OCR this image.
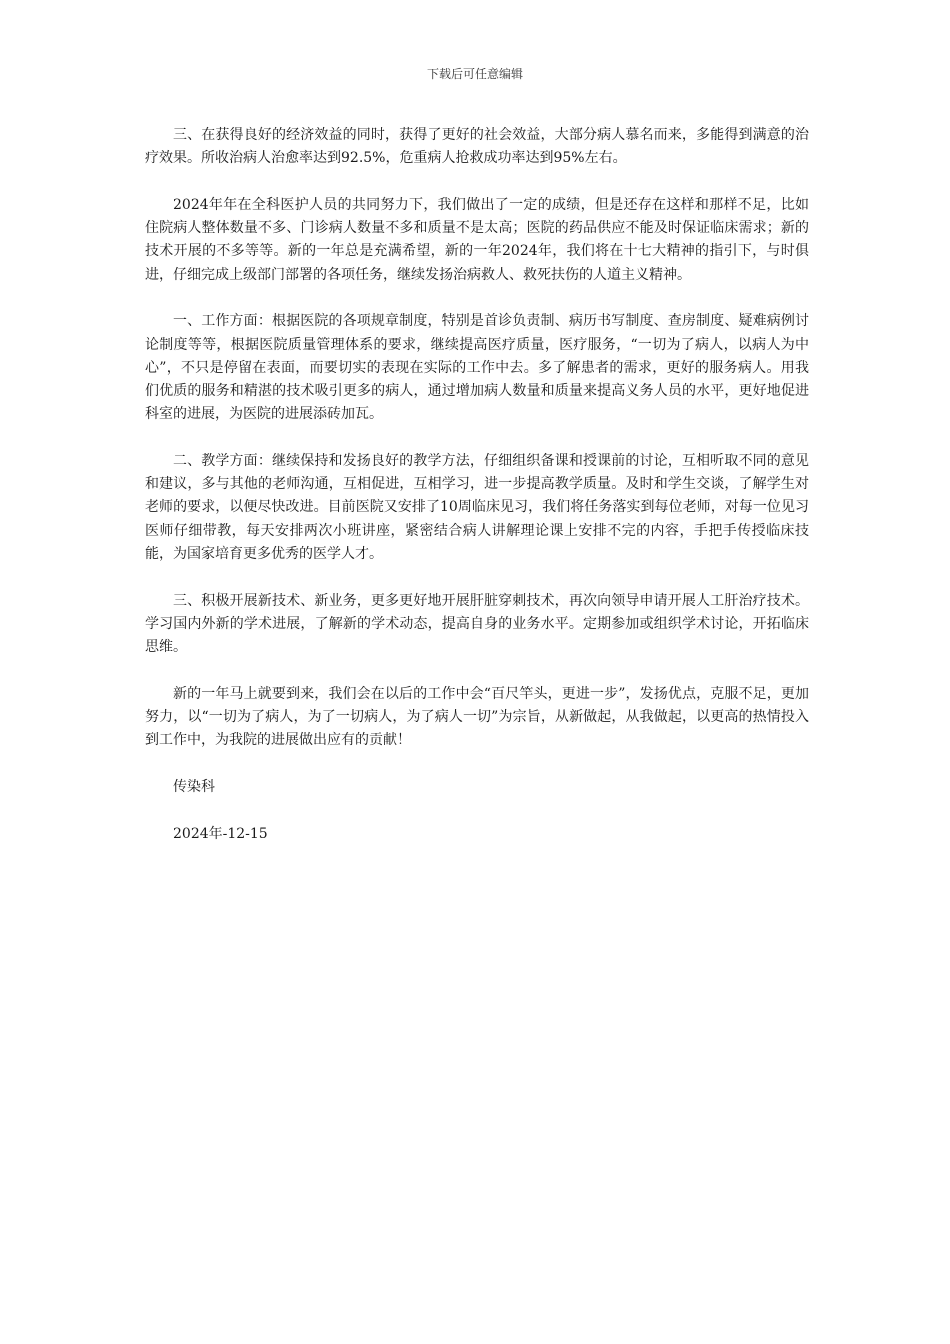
下载后可任意编辑

三、在获得良好的经济效益的同时，获得了更好的社会效益，大部分病人慕名而来，多能得到满意的治疗效果。所收治病人治愈率达到92.5%，危重病人抢救成功率达到95%左右。

2024年年在全科医护人员的共同努力下，我们做出了一定的成绩，但是还存在这样和那样不足，比如住院病人整体数量不多、门诊病人数量不多和质量不是太高；医院的药品供应不能及时保证临床需求；新的技术开展的不多等等。新的一年总是充满希望，新的一年2024年，我们将在十七大精神的指引下，与时俱进，仔细完成上级部门部署的各项任务，继续发扬治病救人、救死扶伤的人道主义精神。

一、工作方面：根据医院的各项规章制度，特别是首诊负责制、病历书写制度、查房制度、疑难病例讨论制度等等，根据医院质量管理体系的要求，继续提高医疗质量，医疗服务，“一切为了病人，以病人为中心”，不只是停留在表面，而要切实的表现在实际的工作中去。多了解患者的需求，更好的服务病人。用我们优质的服务和精湛的技术吸引更多的病人，通过增加病人数量和质量来提高义务人员的水平，更好地促进科室的进展，为医院的进展添砖加瓦。

二、教学方面：继续保持和发扬良好的教学方法，仔细组织备课和授课前的讨论，互相听取不同的意见和建议，多与其他的老师沟通，互相促进，互相学习，进一步提高教学质量。及时和学生交谈，了解学生对老师的要求，以便尽快改进。目前医院又安排了10周临床见习，我们将任务落实到每位老师，对每一位见习医师仔细带教，每天安排两次小班讲座，紧密结合病人讲解理论课上安排不完的内容，手把手传授临床技能，为国家培育更多优秀的医学人才。

三、积极开展新技术、新业务，更多更好地开展肝脏穿刺技术，再次向领导申请开展人工肝治疗技术。学习国内外新的学术进展，了解新的学术动态，提高自身的业务水平。定期参加或组织学术讨论，开拓临床思维。

新的一年马上就要到来，我们会在以后的工作中会“百尺竿头，更进一步”，发扬优点，克服不足，更加努力，以“一切为了病人，为了一切病人，为了病人一切”为宗旨，从新做起，从我做起，以更高的热情投入到工作中，为我院的进展做出应有的贡献！

传染科

2024年-12-15
